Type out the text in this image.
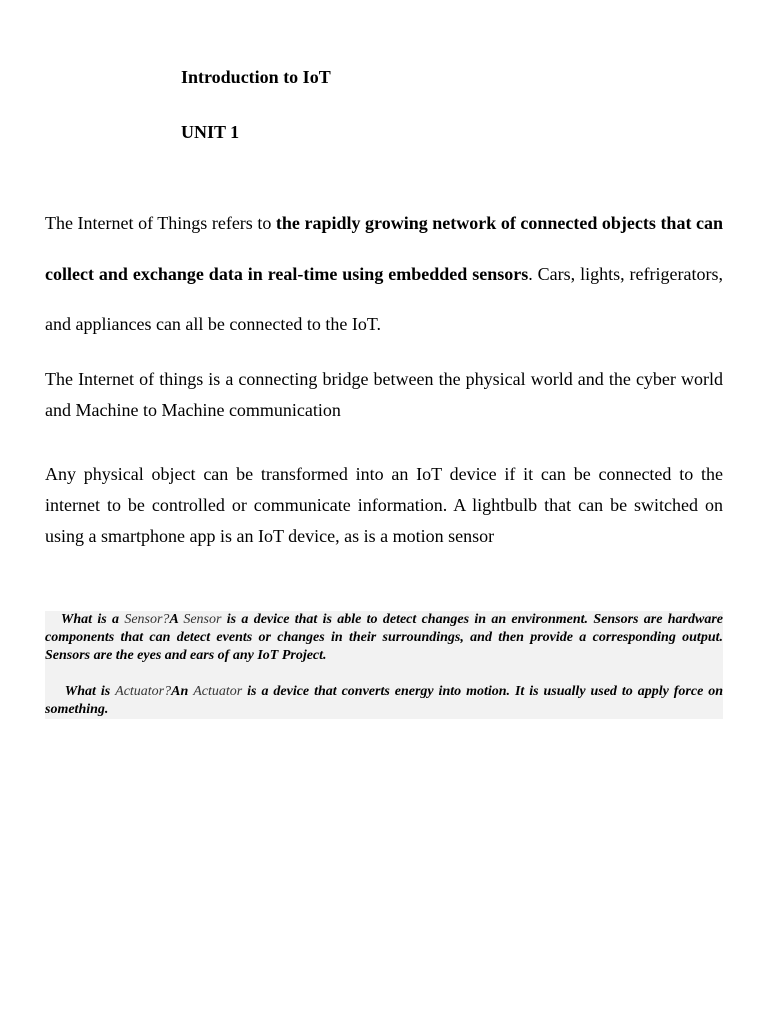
Introduction to IoT
UNIT 1

The Internet of Things refers to the rapidly growing network of connected objects that can collect and exchange data in real-time using embedded sensors. Cars, lights, refrigerators, and appliances can all be connected to the IoT.

The Internet of things is a connecting bridge between the physical world and the cyber world and Machine to Machine communication

Any physical object can be transformed into an IoT device if it can be connected to the internet to be controlled or communicate information. A lightbulb that can be switched on using a smartphone app is an IoT device, as is a motion sensor

What is a Sensor?A Sensor is a device that is able to detect changes in an environment. Sensors are hardware components that can detect events or changes in their surroundings, and then provide a corresponding output. Sensors are the eyes and ears of any IoT Project.

What is Actuator?An Actuator is a device that converts energy into motion. It is usually used to apply force on something.
